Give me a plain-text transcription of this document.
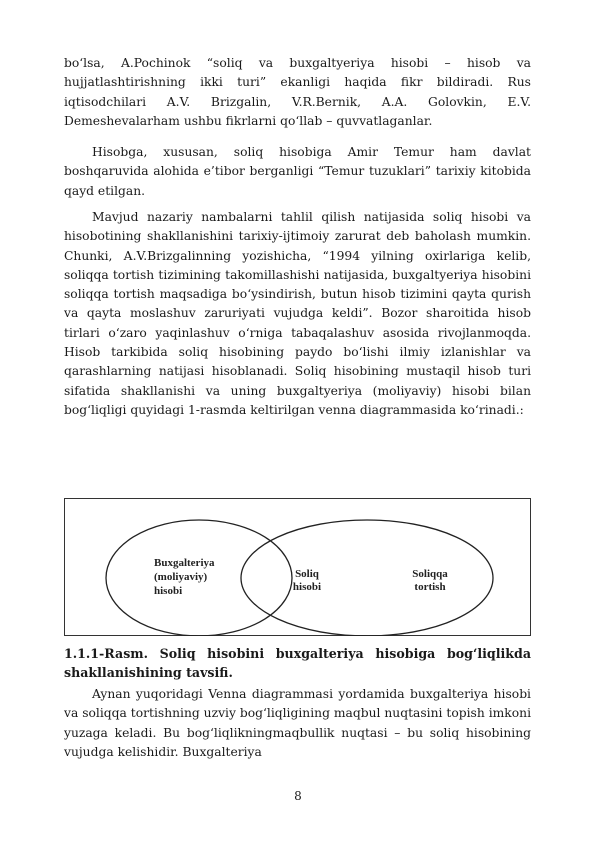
bo‘lsa, A.Pochinok “soliq va buxgaltyeriya hisobi – hisob va hujjatlashtirishning ikki turi” ekanligi haqida fikr bildiradi. Rus iqtisodchilari A.V. Brizgalin, V.R.Bernik, A.A. Golovkin, E.V. Demeshevalarham ushbu fikrlarni qo‘llab – quvvatlaganlar.

Hisobga, xususan, soliq hisobiga Amir Temur ham davlat boshqaruvida alohida e’tibor berganligi “Temur tuzuklari” tarixiy kitobida qayd etilgan.

Mavjud nazariy nambalarni tahlil qilish natijasida soliq hisobi va hisobotining shakllanishini tarixiy-ijtimoiy zarurat deb baholash mumkin. Chunki, A.V.Brizgalinning yozishicha, “1994 yilning oxirlariga kelib, soliqqa tortish tizimining takomillashishi natijasida, buxgaltyeriya hisobini soliqqa tortish maqsadiga bo‘ysindirish, butun hisob tizimini qayta qurish va qayta moslashuv zaruriyati vujudga keldi”. Bozor sharoitida hisob tirlari o‘zaro yaqinlashuv o‘rniga tabaqalashuv asosida rivojlanmoqda. Hisob tarkibida soliq hisobining paydo bo‘lishi ilmiy izlanishlar va qarashlarning natijasi hisoblanadi. Soliq hisobining mustaqil hisob turi sifatida shakllanishi va uning buxgaltyeriya (moliyaviy) hisobi bilan bog‘liqligi quyidagi 1-rasmda keltirilgan venna diagrammasida ko‘rinadi.:

Buxgalteriya
(moliyaviy)
hisobi
Soliq
hisobi
Soliqqa
tortish
1.1.1-Rasm. Soliq hisobini buxgalteriya hisobiga bog‘liqlikda shakllanishining tavsifi.

Aynan yuqoridagi Venna diagrammasi yordamida buxgalteriya hisobi va soliqqa tortishning uzviy bog‘liqligining maqbul nuqtasini topish imkoni yuzaga keladi. Bu bog‘liqlikningmaqbullik nuqtasi – bu soliq hisobining vujudga kelishidir. Buxgalteriya

8
